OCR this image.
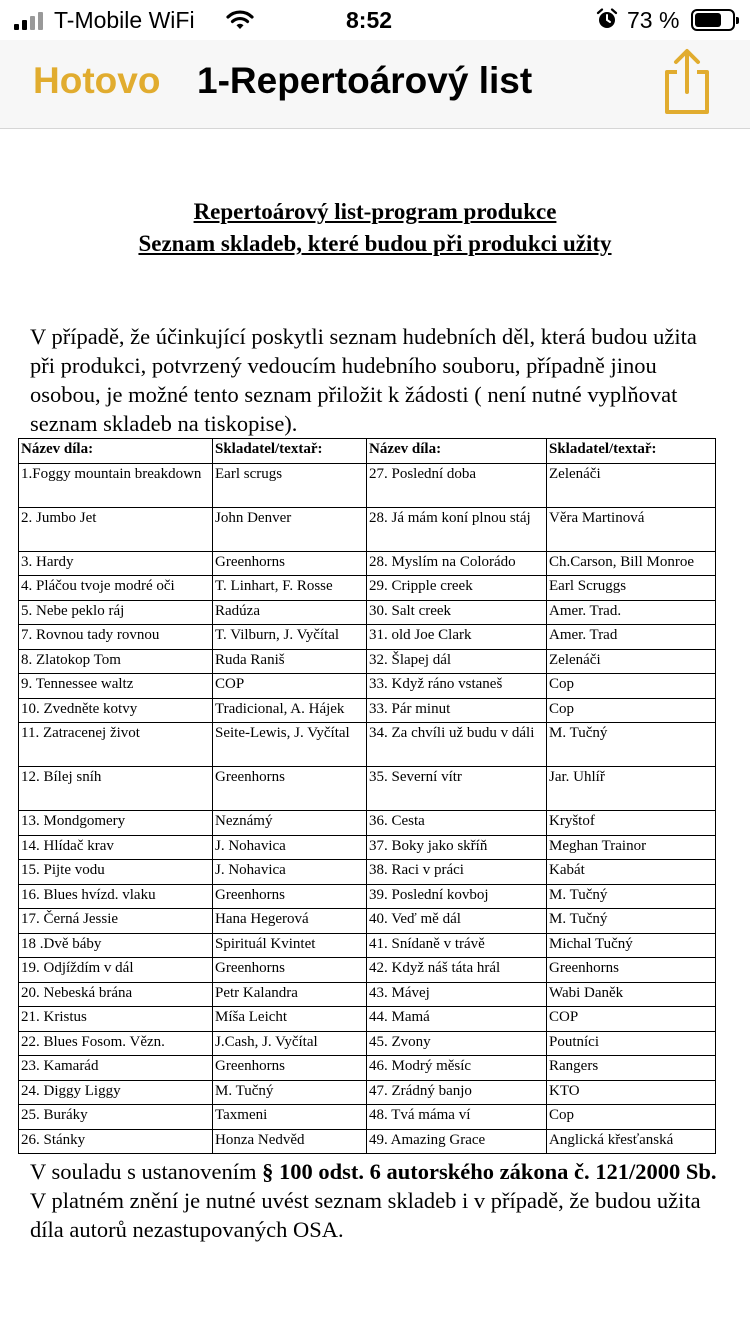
T-Mobile WiFi	8:52	73 %
Hotovo 1-Repertoárový list
Repertoárový list-program produkce
Seznam skladeb, které budou při produkci užity
V případě, že účinkující poskytli seznam hudebních děl, která budou užita při produkci, potvrzený vedoucím hudebního souboru, případně jinou osobou, je možné tento seznam přiložit k žádosti ( není nutné vyplňovat seznam skladeb na tiskopise).
Název díla:	Skladatel/textař:	Název díla:	Skladatel/textař:
1.Foggy mountain breakdown	Earl scrugs	27. Poslední doba	Zelenáči
2. Jumbo Jet	John Denver	28. Já mám koní plnou stáj	Věra Martinová
3. Hardy	Greenhorns	28. Myslím na Colorádo	Ch.Carson, Bill Monroe
4. Pláčou tvoje modré oči	T. Linhart, F. Rosse	29. Cripple creek	Earl Scruggs
5. Nebe peklo ráj	Radúza	30. Salt creek	Amer. Trad.
7. Rovnou tady rovnou	T. Vilburn, J. Vyčítal	31. old Joe Clark	Amer. Trad
8. Zlatokop Tom	Ruda Raniš	32. Šlapej dál	Zelenáči
9. Tennessee waltz	COP	33. Když ráno vstaneš	Cop
10. Zvedněte kotvy	Tradicional, A. Hájek	33. Pár minut	Cop
11. Zatracenej život	Seite-Lewis, J. Vyčítal	34. Za chvíli už budu v dáli	M. Tučný
12. Bílej sníh	Greenhorns	35. Severní vítr	Jar. Uhlíř
13. Mondgomery	Neznámý	36. Cesta	Kryštof
14. Hlídač krav	J. Nohavica	37. Boky jako skříň	Meghan Trainor
15. Pijte vodu	J. Nohavica	38. Raci v práci	Kabát
16. Blues hvízd. vlaku	Greenhorns	39. Poslední kovboj	M. Tučný
17. Černá Jessie	Hana Hegerová	40. Veď mě dál	M. Tučný
18 .Dvě báby	Spirituál Kvintet	41. Snídaně v trávě	Michal Tučný
19. Odjíždím v dál	Greenhorns	42. Když náš táta hrál	Greenhorns
20. Nebeská brána	Petr Kalandra	43. Mávej	Wabi Daněk
21. Kristus	Míša Leicht	44. Mamá	COP
22. Blues Fosom. Vězn.	J.Cash, J. Vyčítal	45. Zvony	Poutníci
23. Kamarád	Greenhorns	46. Modrý měsíc	Rangers
24. Diggy Liggy	M. Tučný	47. Zrádný banjo	KTO
25. Buráky	Taxmeni	48. Tvá máma ví	Cop
26. Stánky	Honza Nedvěd	49. Amazing Grace	Anglická křesťanská
V souladu s ustanovením § 100 odst. 6 autorského zákona č. 121/2000 Sb. V platném znění je nutné uvést seznam skladeb i v případě, že budou užita díla autorů nezastupovaných OSA.
